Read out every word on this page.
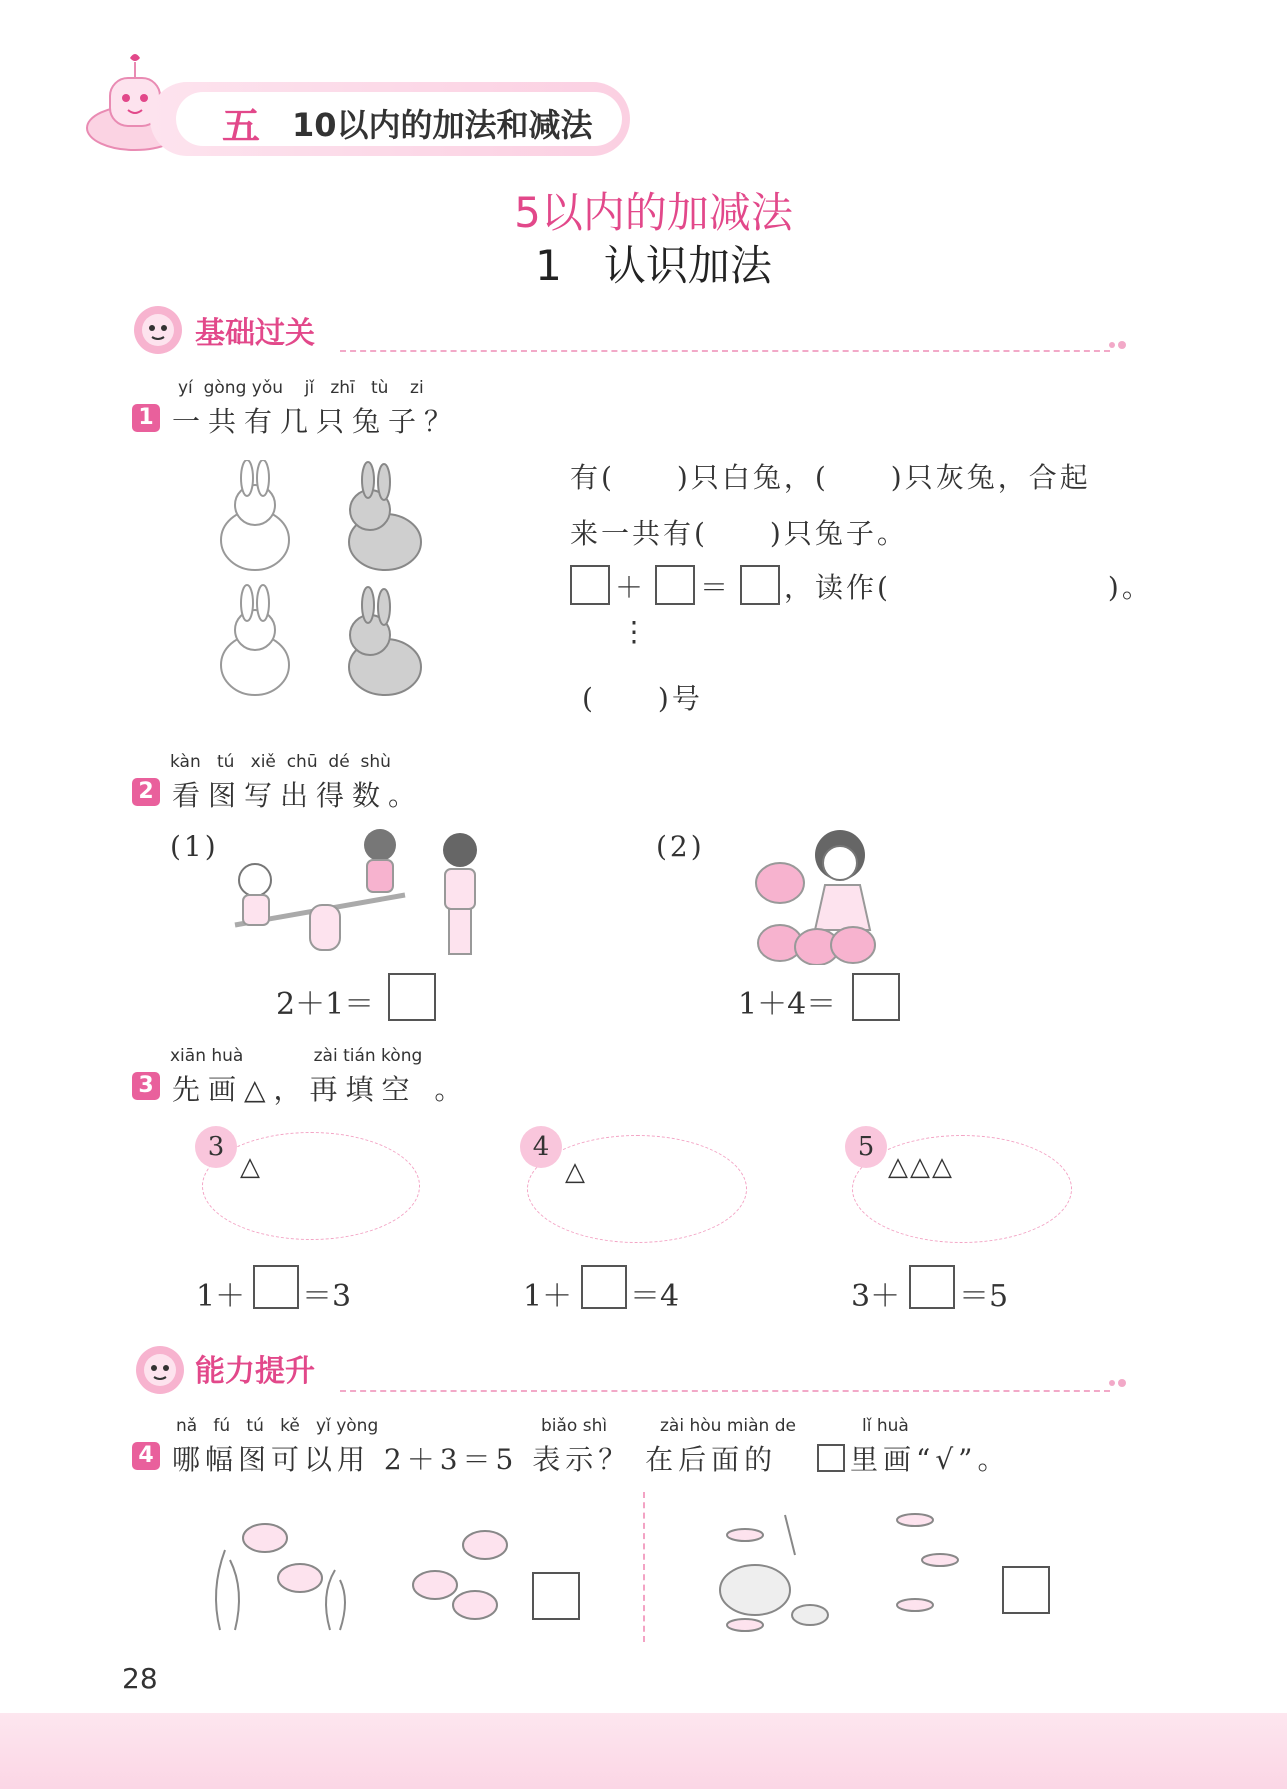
五 10以内的加法和减法
5以内的加减法
1　认识加法
基础过关
yí gòng yǒu jǐ zhī tù zi
1 一共有几只兔子？
有(　　)只白兔，(　　)只灰兔，合起
来一共有(　　)只兔子。
＋ ＝ ，读作(　　　　　　　)。
⋮
(　　)号
kàn tú xiě chū dé shù
2 看图写出得数。
(1)
2＋1＝
(2)
1＋4＝
xiān huà	zài tián kòng
3 先画△，再填空 。
3
△
1＋ ＝3
4
△
1＋ ＝4
5
△△△
3＋ ＝5
能力提升
nǎ fú tú kě yǐ yòng	biǎo shì	zài hòu miàn de	lǐ huà
4 哪幅图可以用 2＋3＝5 表示？ 在后面的	里画“√”。
28
